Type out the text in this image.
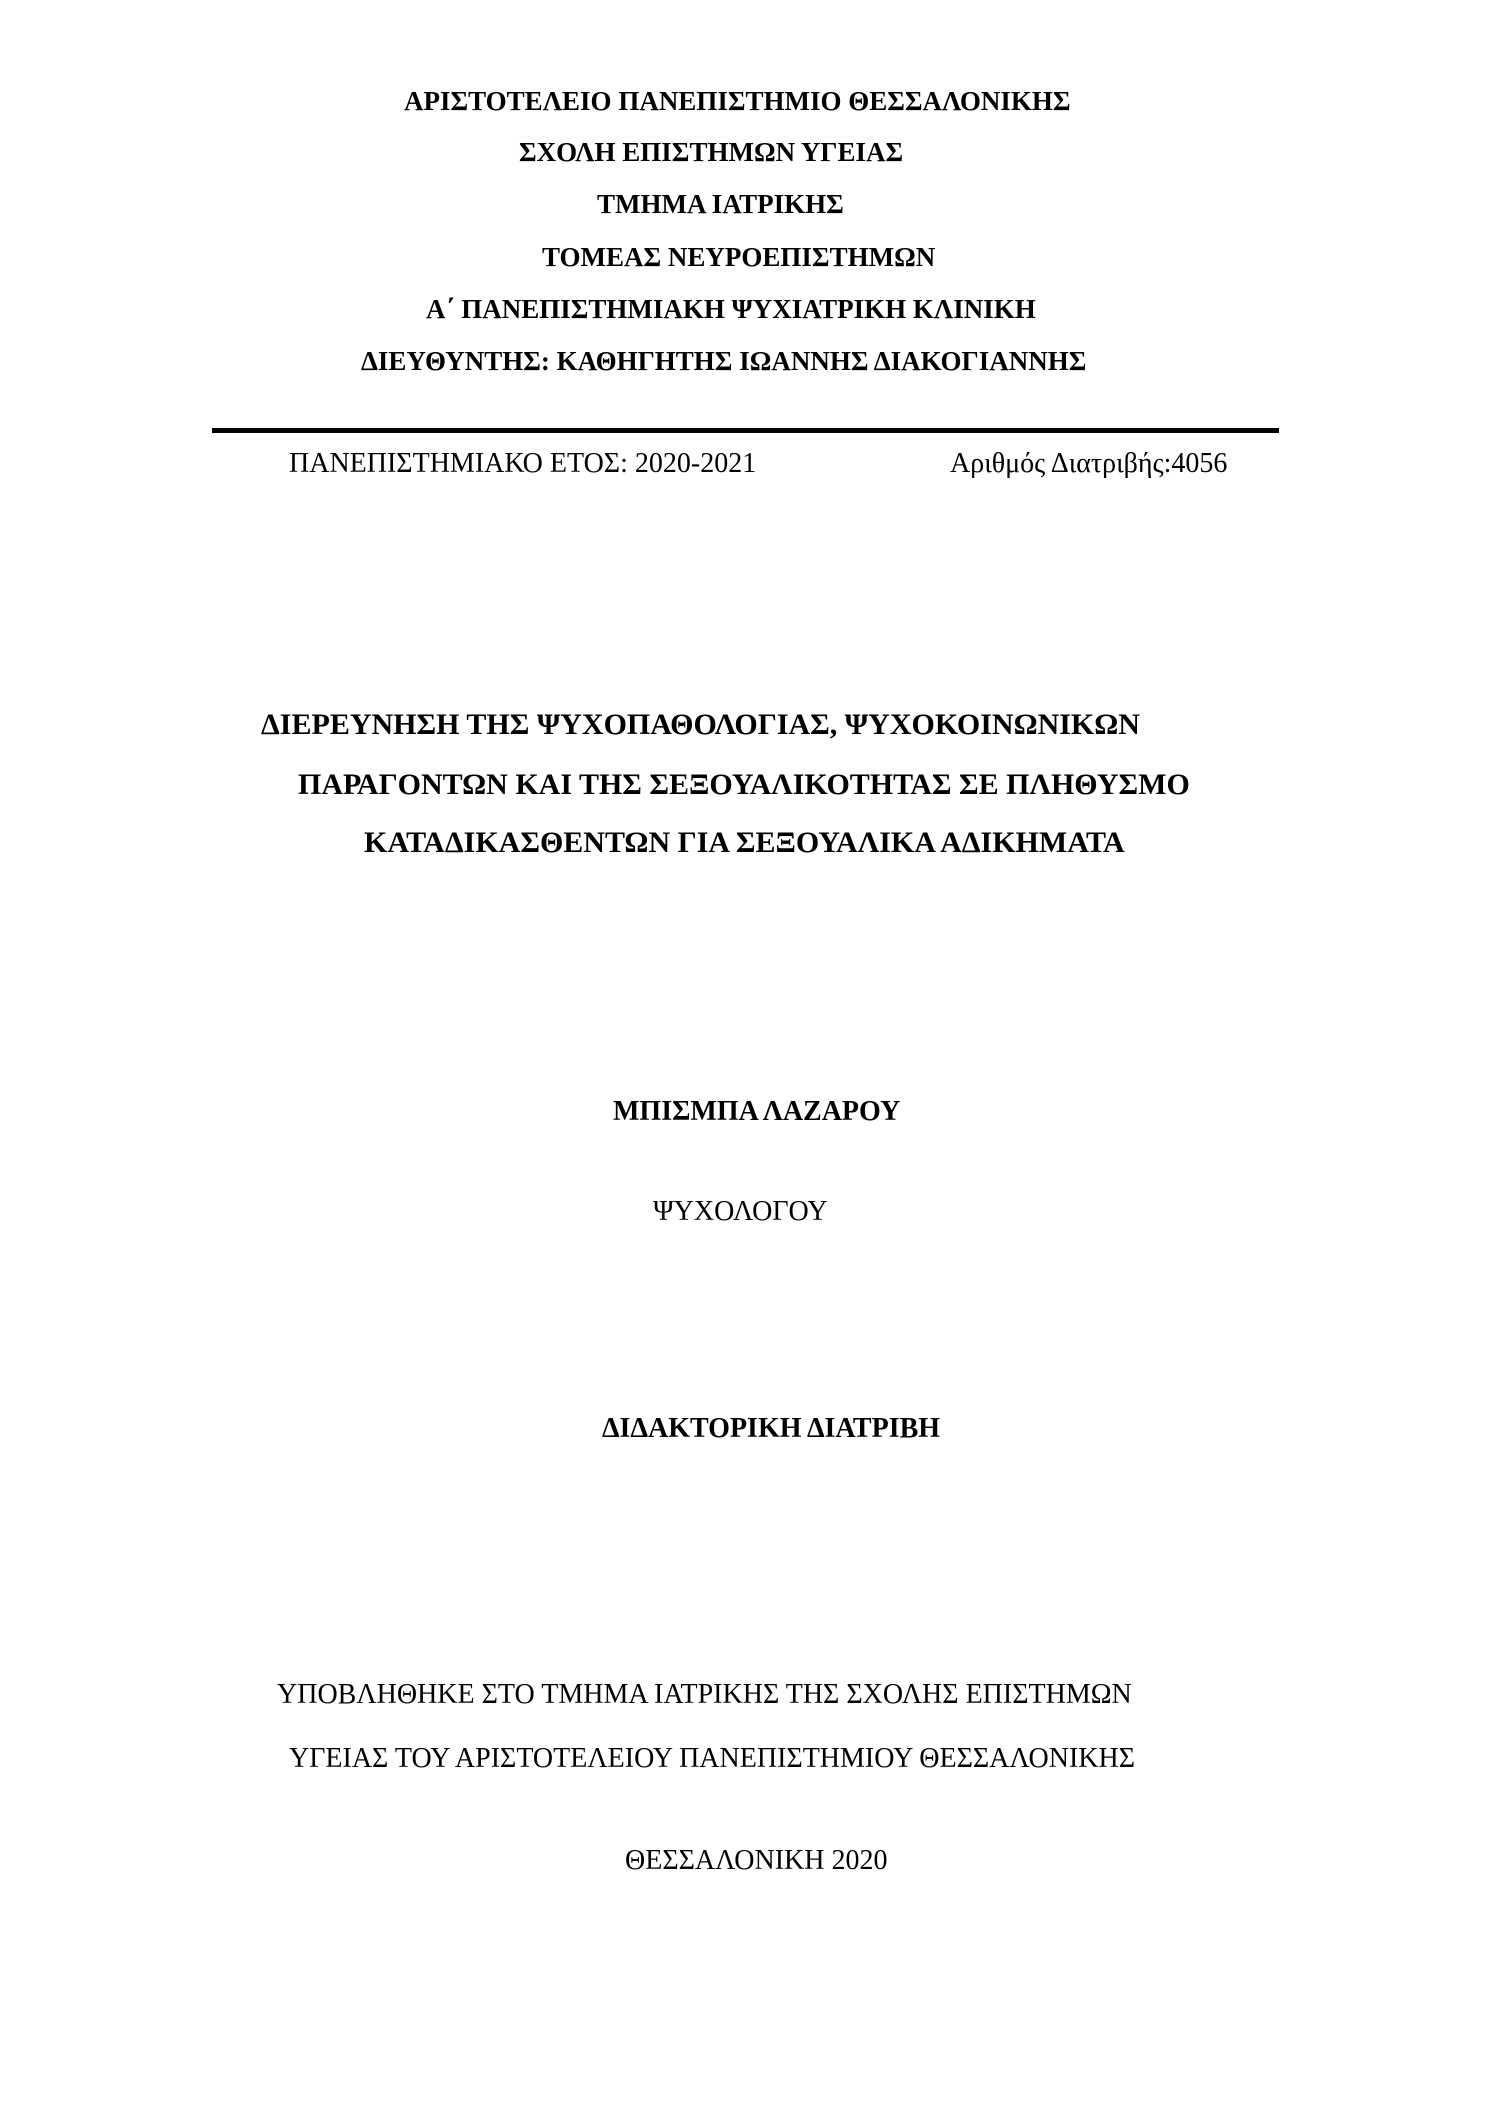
ΑΡΙΣΤΟΤΕΛΕΙΟ ΠΑΝΕΠΙΣΤΗΜΙΟ ΘΕΣΣΑΛΟΝΙΚΗΣ
ΣΧΟΛΗ ΕΠΙΣΤΗΜΩΝ ΥΓΕΙΑΣ
ΤΜΗΜΑ ΙΑΤΡΙΚΗΣ
ΤΟΜΕΑΣ ΝΕΥΡΟΕΠΙΣΤΗΜΩΝ
Α΄ ΠΑΝΕΠΙΣΤΗΜΙΑΚΗ ΨΥΧΙΑΤΡΙΚΗ ΚΛΙΝΙΚΗ
ΔΙΕΥΘΥΝΤΗΣ: ΚΑΘΗΓΗΤΗΣ ΙΩΑΝΝΗΣ ΔΙΑΚΟΓΙΑΝΝΗΣ
ΠΑΝΕΠΙΣΤΗΜΙΑΚΟ ΕΤΟΣ: 2020-2021	Αριθμός Διατριβής:4056
ΔΙΕΡΕΥΝΗΣΗ ΤΗΣ ΨΥΧΟΠΑΘΟΛΟΓΙΑΣ, ΨΥΧΟΚΟΙΝΩΝΙΚΩΝ
ΠΑΡΑΓΟΝΤΩΝ ΚΑΙ ΤΗΣ ΣΕΞΟΥΑΛΙΚΟΤΗΤΑΣ ΣΕ ΠΛΗΘΥΣΜΟ
ΚΑΤΑΔΙΚΑΣΘΕΝΤΩΝ ΓΙΑ ΣΕΞΟΥΑΛΙΚΑ ΑΔΙΚΗΜΑΤΑ
ΜΠΙΣΜΠΑ ΛΑΖΑΡΟΥ
ΨΥΧΟΛΟΓΟΥ
ΔΙΔΑΚΤΟΡΙΚΗ ΔΙΑΤΡΙΒΗ
ΥΠΟΒΛΗΘΗΚΕ ΣΤΟ ΤΜΗΜΑ ΙΑΤΡΙΚΗΣ ΤΗΣ ΣΧΟΛΗΣ ΕΠΙΣΤΗΜΩΝ
ΥΓΕΙΑΣ ΤΟΥ ΑΡΙΣΤΟΤΕΛΕΙΟΥ ΠΑΝΕΠΙΣΤΗΜΙΟΥ ΘΕΣΣΑΛΟΝΙΚΗΣ
ΘΕΣΣΑΛΟΝΙΚΗ 2020
